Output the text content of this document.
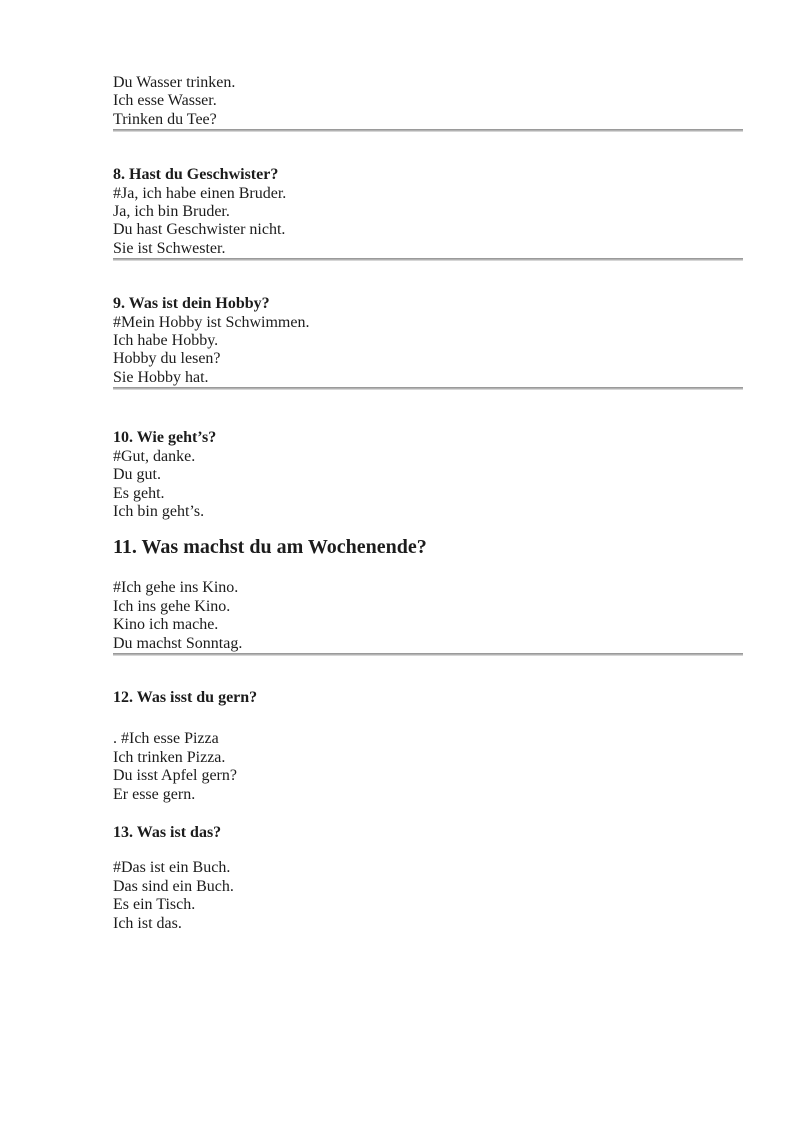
Du Wasser trinken.
Ich esse Wasser.
Trinken du Tee?

8. Hast du Geschwister?
#Ja, ich habe einen Bruder.
Ja, ich bin Bruder.
Du hast Geschwister nicht.
Sie ist Schwester.

9. Was ist dein Hobby?
#Mein Hobby ist Schwimmen.
Ich habe Hobby.
Hobby du lesen?
Sie Hobby hat.

10. Wie geht’s?
#Gut, danke.
Du gut.
Es geht.
Ich bin geht’s.

11. Was machst du am Wochenende?

#Ich gehe ins Kino.
Ich ins gehe Kino.
Kino ich mache.
Du machst Sonntag.

12. Was isst du gern?

. #Ich esse Pizza
Ich trinken Pizza.
Du isst Apfel gern?
Er esse gern.

13. Was ist das?

#Das ist ein Buch.
Das sind ein Buch.
Es ein Tisch.
Ich ist das.
